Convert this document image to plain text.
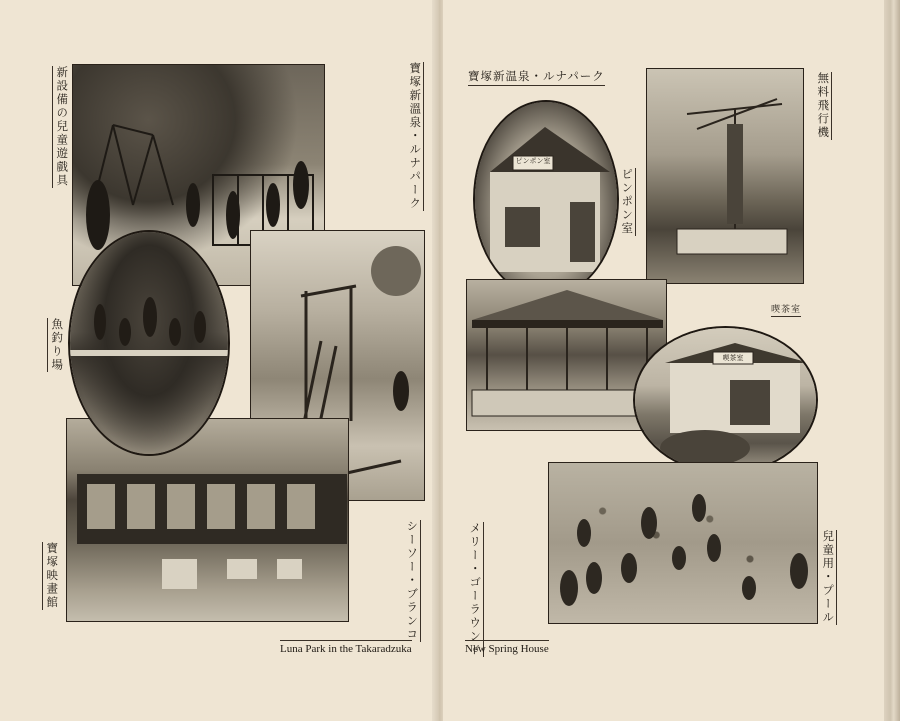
新設備の兒童遊戲具	寶塚新溫泉・ルナパーク
魚釣り場
シーソー・ブランコ
寶塚映畫館
Luna Park in the Takaradzuka
寶塚新温泉・ルナパーク
ピンポン室
ピンポン室
無料飛行機
喫茶室
喫茶室
メリー・ゴーラウンド	兒童用・プール
New Spring House
